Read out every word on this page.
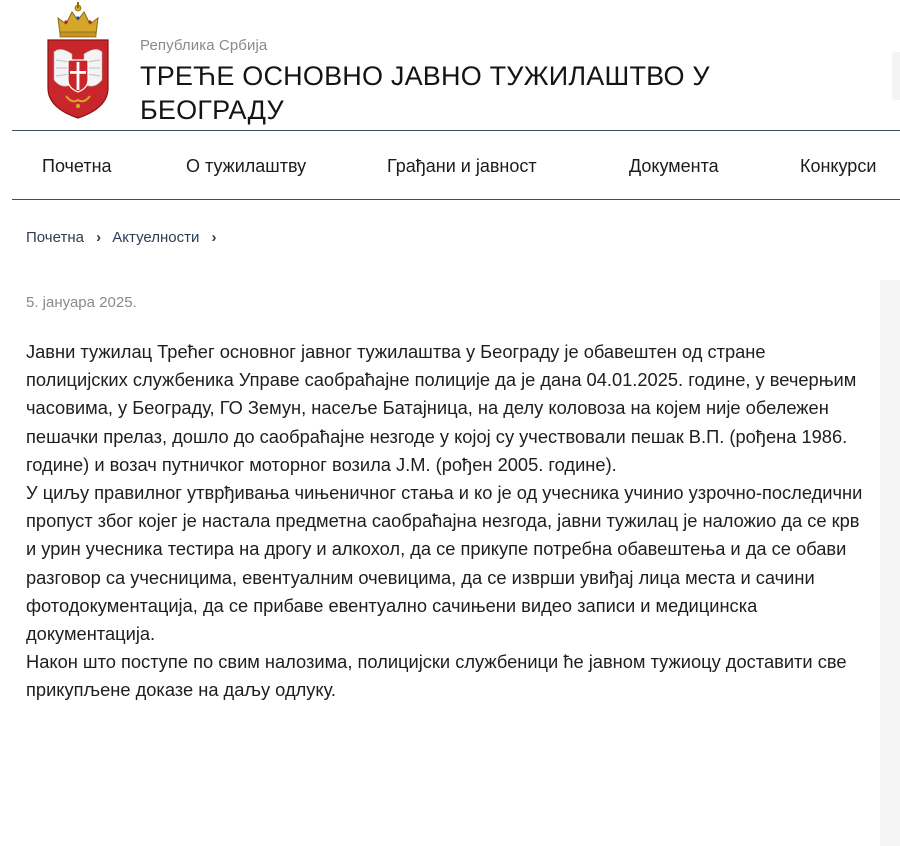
Република Србија
ТРЕЋЕ ОСНОВНО ЈАВНО ТУЖИЛАШТВО У БЕОГРАДУ
Почетна	О тужилаштву	Грађани и јавност	Документа	Конкурси
Почетна › Актуелности ›
5. јануара 2025.

Јавни тужилац Трећег основног јавног тужилаштва у Београду је обавештен од стране полицијских службеника Управе саобраћајне полиције да је дана 04.01.2025. године, у вечерњим часовима, у Београду, ГО Земун, насеље Батајница, на делу коловоза на којем није обележен пешачки прелаз, дошло до саобраћајне незгоде у којој су учествовали пешак В.П. (рођена 1986. године) и возач путничког моторног возила Ј.М. (рођен 2005. године).

У циљу правилног утврђивања чињеничног стања и ко је од учесника учинио узрочно-последични пропуст због којег је настала предметна саобраћајна незгода, јавни тужилац је наложио да се крв и урин учесника тестира на дрогу и алкохол, да се прикупе потребна обавештења и да се обави разговор са учесницима, евентуалним очевицима, да се изврши увиђај лица места и сачини фотодокументација, да се прибаве евентуално сачињени видео записи и медицинска документација.

Након што поступе по свим налозима, полицијски службеници ће јавном тужиоцу доставити све прикупљене доказе на даљу одлуку.
